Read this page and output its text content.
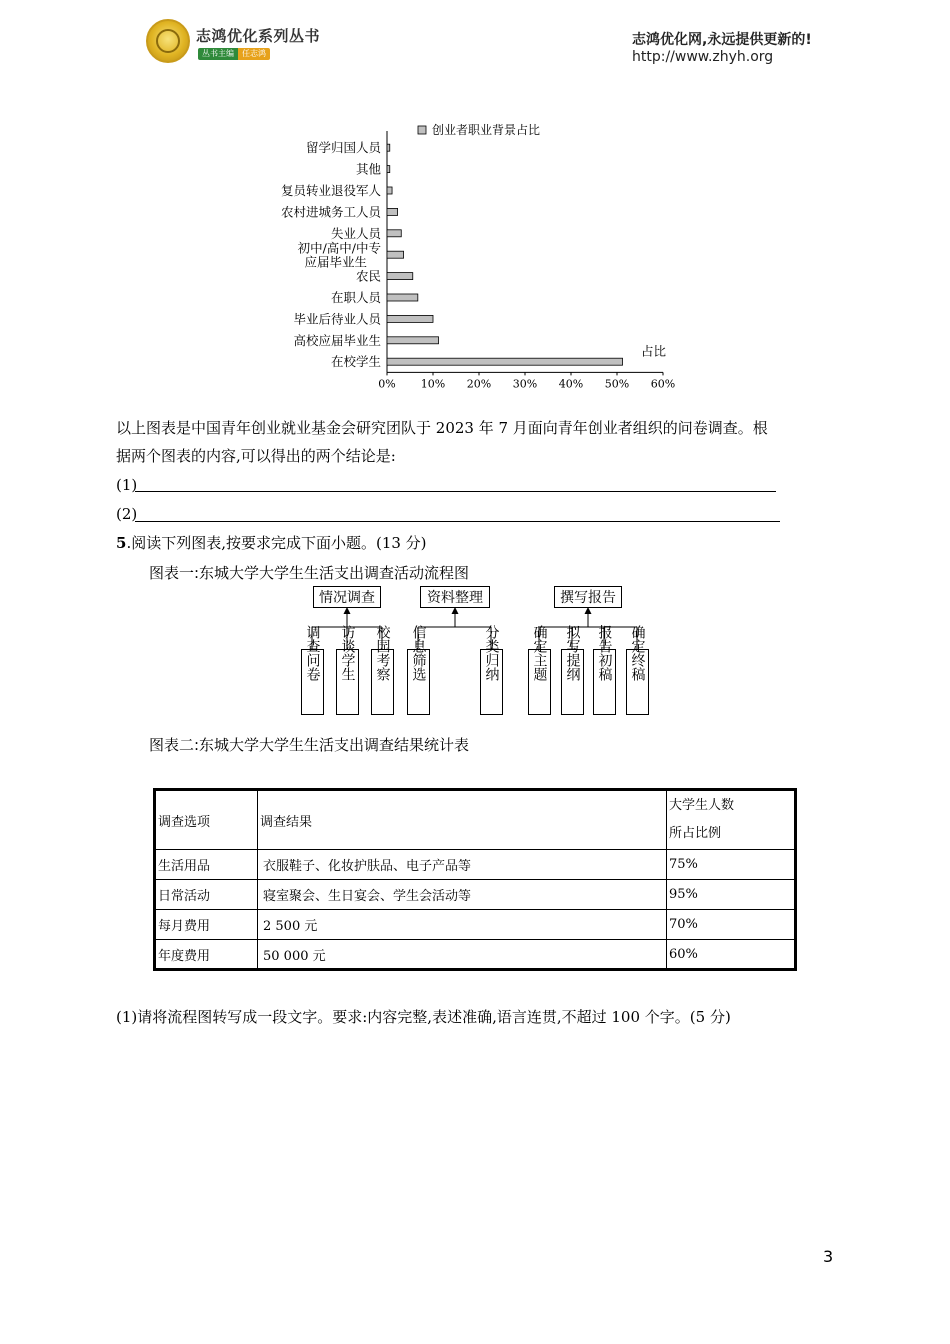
志鸿优化系列丛书
丛书主编 任志鸿
志鸿优化网,永远提供更新的!
http://www.zhyh.org
创业者职业背景占比
0% 10% 20% 30% 40% 50% 60%
留学归国人员
其他
复员转业退役军人
农村进城务工人员
失业人员
初中/高中/中专
应届毕业生
农民
在职人员
毕业后待业人员
高校应届毕业生
在校学生
占比
以上图表是中国青年创业就业基金会研究团队于 2023 年 7 月面向青年创业者组织的问卷调查。根
据两个图表的内容,可以得出的两个结论是:
(1)
(2)
5.阅读下列图表,按要求完成下面小题。(13 分)
图表一:东城大学大学生生活支出调查活动流程图
情况调查	资料整理	撰写报告
调查问卷 访谈学生 校园考察 信息筛选	分类归纳 确定主题 拟写提纲 报告初稿 确定终稿
图表二:东城大学大学生生活支出调查结果统计表
调查选项	调查结果	大学生人数
所占比例

生活用品	衣服鞋子、化妆护肤品、电子产品等	75%
日常活动	寝室聚会、生日宴会、学生会活动等	95%
每月费用	2 500 元	70%
年度费用	50 000 元	60%
(1)请将流程图转写成一段文字。要求:内容完整,表述准确,语言连贯,不超过 100 个字。(5 分)
3
